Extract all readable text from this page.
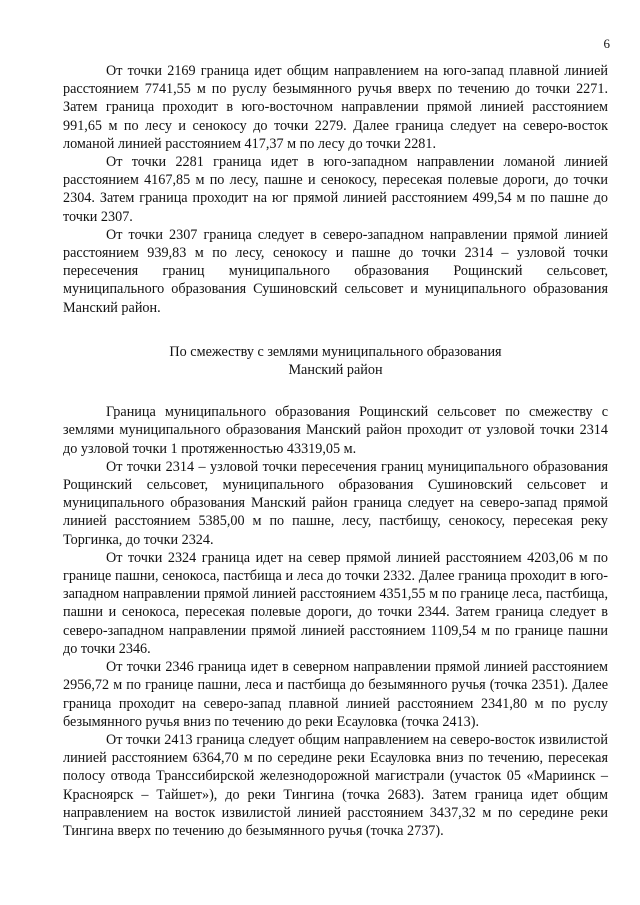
6

От точки 2169 граница идет общим направлением на юго-запад плавной линией расстоянием 7741,55 м по руслу безымянного ручья вверх по течению до точки 2271. Затем граница проходит в юго-восточном направлении прямой линией расстоянием 991,65 м по лесу и сенокосу до точки 2279. Далее граница следует на северо-восток ломаной линией расстоянием 417,37 м по лесу до точки 2281.

От точки 2281 граница идет в юго-западном направлении ломаной линией расстоянием 4167,85 м по лесу, пашне и сенокосу, пересекая полевые дороги, до точки 2304. Затем граница проходит на юг прямой линией расстоянием 499,54 м по пашне до точки 2307.

От точки 2307 граница следует в северо-западном направлении прямой линией расстоянием 939,83 м по лесу, сенокосу и пашне до точки 2314 – узловой точки пересечения границ муниципального образования Рощинский сельсовет, муниципального образования Сушиновский сельсовет и муниципального образования Манский район.

По смежеству с землями муниципального образования
Манский район

Граница муниципального образования Рощинский сельсовет по смежеству с землями муниципального образования Манский район проходит от узловой точки 2314 до узловой точки 1 протяженностью 43319,05 м.

От точки 2314 – узловой точки пересечения границ муниципального образования Рощинский сельсовет, муниципального образования Сушиновский сельсовет и муниципального образования Манский район граница следует на северо-запад прямой линией расстоянием 5385,00 м по пашне, лесу, пастбищу, сенокосу, пересекая реку Торгинка, до точки 2324.

От точки 2324 граница идет на север прямой линией расстоянием 4203,06 м по границе пашни, сенокоса, пастбища и леса до точки 2332. Далее граница проходит в юго-западном направлении прямой линией расстоянием 4351,55 м по границе леса, пастбища, пашни и сенокоса, пересекая полевые дороги, до точки 2344. Затем граница следует в северо-западном направлении прямой линией расстоянием 1109,54 м по границе пашни до точки 2346.

От точки 2346 граница идет в северном направлении прямой линией расстоянием 2956,72 м по границе пашни, леса и пастбища до безымянного ручья (точка 2351). Далее граница проходит на северо-запад плавной линией расстоянием 2341,80 м по руслу безымянного ручья вниз по течению до реки Есауловка (точка 2413).

От точки 2413 граница следует общим направлением на северо-восток извилистой линией расстоянием 6364,70 м по середине реки Есауловка вниз по течению, пересекая полосу отвода Транссибирской железнодорожной магистрали (участок 05 «Мариинск – Красноярск – Тайшет»), до реки Тингина (точка 2683). Затем граница идет общим направлением на восток извилистой линией расстоянием 3437,32 м по середине реки Тингина вверх по течению до безымянного ручья (точка 2737).
